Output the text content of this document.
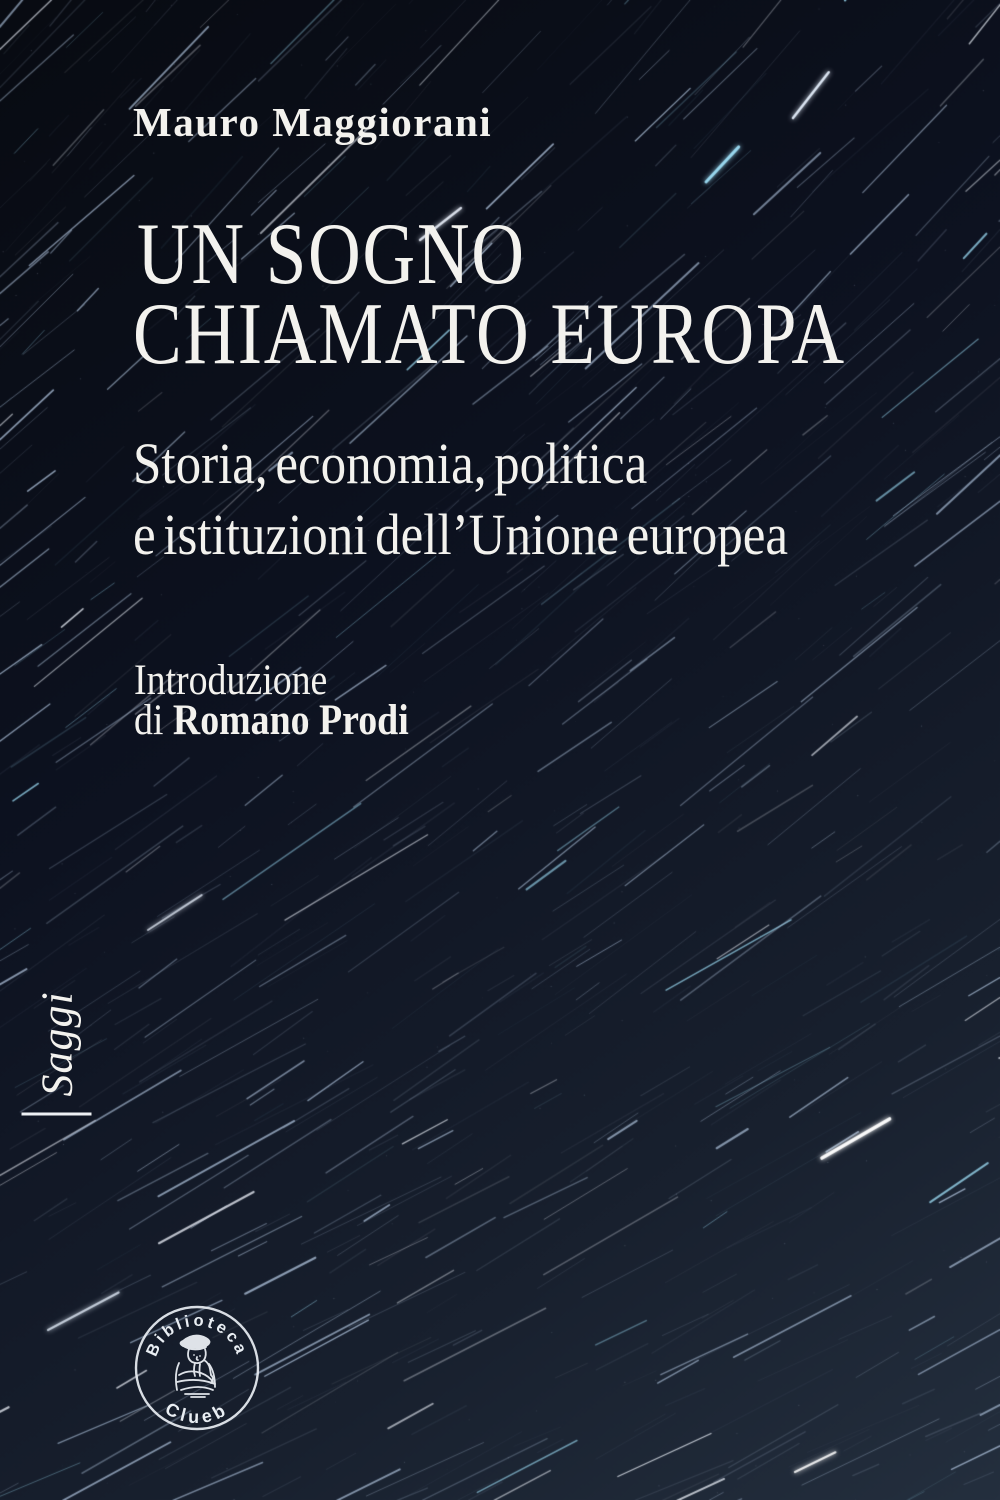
Mauro Maggiorani
UN SOGNO
CHIAMATO EUROPA
Storia, economia, politica
e istituzioni dell’Unione europea
Introduzione
di Romano Prodi
Saggi
Biblioteca
Clueb
